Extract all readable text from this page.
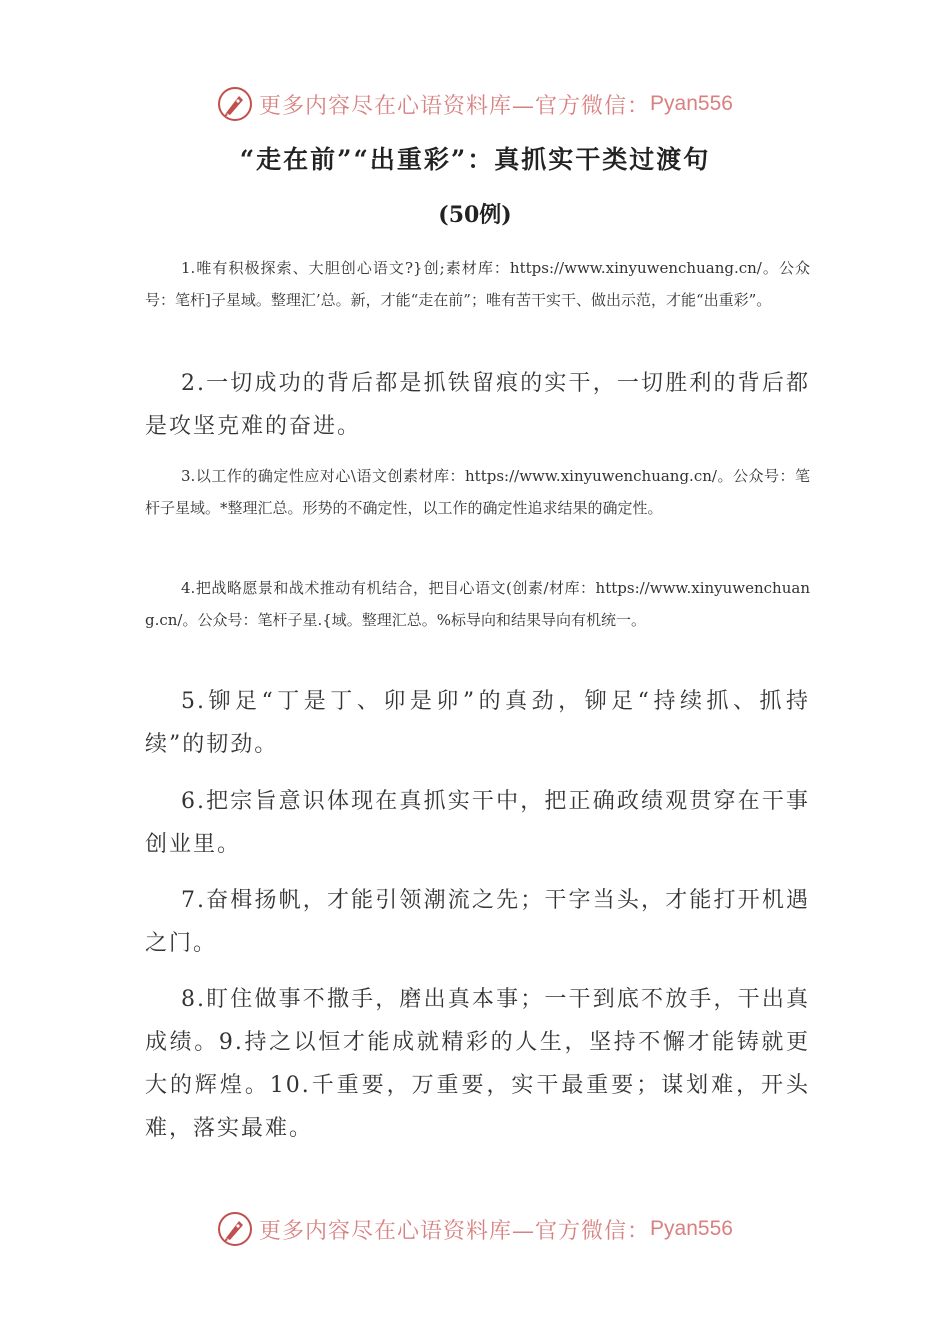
更多内容尽在心语资料库—官方微信： Pyan556
“走在前”“出重彩”：真抓实干类过渡句
(50例)

1.唯有积极探索、大胆创心语文?}创;素材库：https://www.xinyuwenchuang.cn/。公众号：笔杆]子星域。整理汇’总。新，才能“走在前”；唯有苦干实干、做出示范，才能“出重彩”。

2.一切成功的背后都是抓铁留痕的实干，一切胜利的背后都是攻坚克难的奋进。

3.以工作的确定性应对心\语文创素材库：https://www.xinyuwenchuang.cn/。公众号：笔杆子星域。*整理汇总。形势的不确定性，以工作的确定性追求结果的确定性。

4.把战略愿景和战术推动有机结合，把目心语文(创素/材库：https://www.xinyuwenchuang.cn/。公众号：笔杆子星.{域。整理汇总。%标导向和结果导向有机统一。

5.铆足“丁是丁、卯是卯”的真劲，铆足“持续抓、抓持续”的韧劲。

6.把宗旨意识体现在真抓实干中，把正确政绩观贯穿在干事创业里。

7.奋楫扬帆，才能引领潮流之先；干字当头，才能打开机遇之门。

8.盯住做事不撒手，磨出真本事；一干到底不放手，干出真成绩。9.持之以恒才能成就精彩的人生，坚持不懈才能铸就更大的辉煌。10.千重要，万重要，实干最重要；谋划难，开头难，落实最难。

更多内容尽在心语资料库—官方微信： Pyan556
